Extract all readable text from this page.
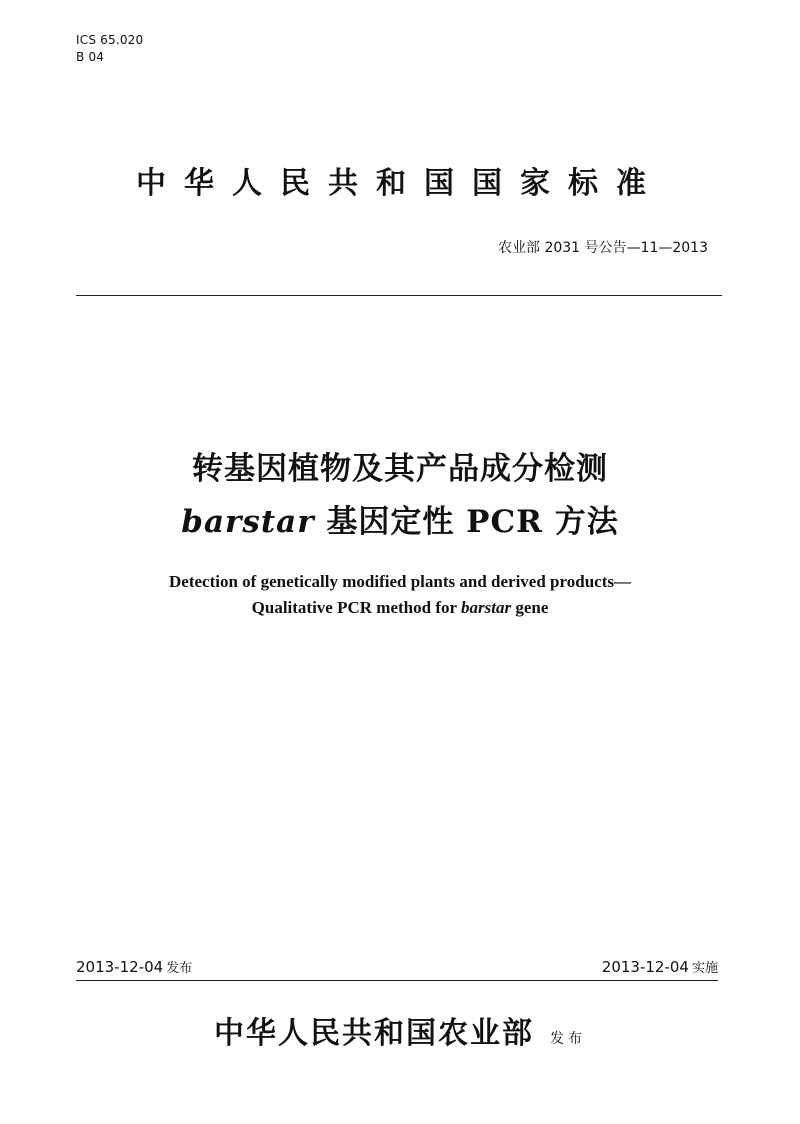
ICS 65.020
B 04
中华人民共和国国家标准
农业部 2031 号公告—11—2013
转基因植物及其产品成分检测
barstar 基因定性 PCR 方法
Detection of genetically modified plants and derived products—
Qualitative PCR method for barstar gene
2013-12-04 发布	2013-12-04 实施
中华人民共和国农业部 发布
